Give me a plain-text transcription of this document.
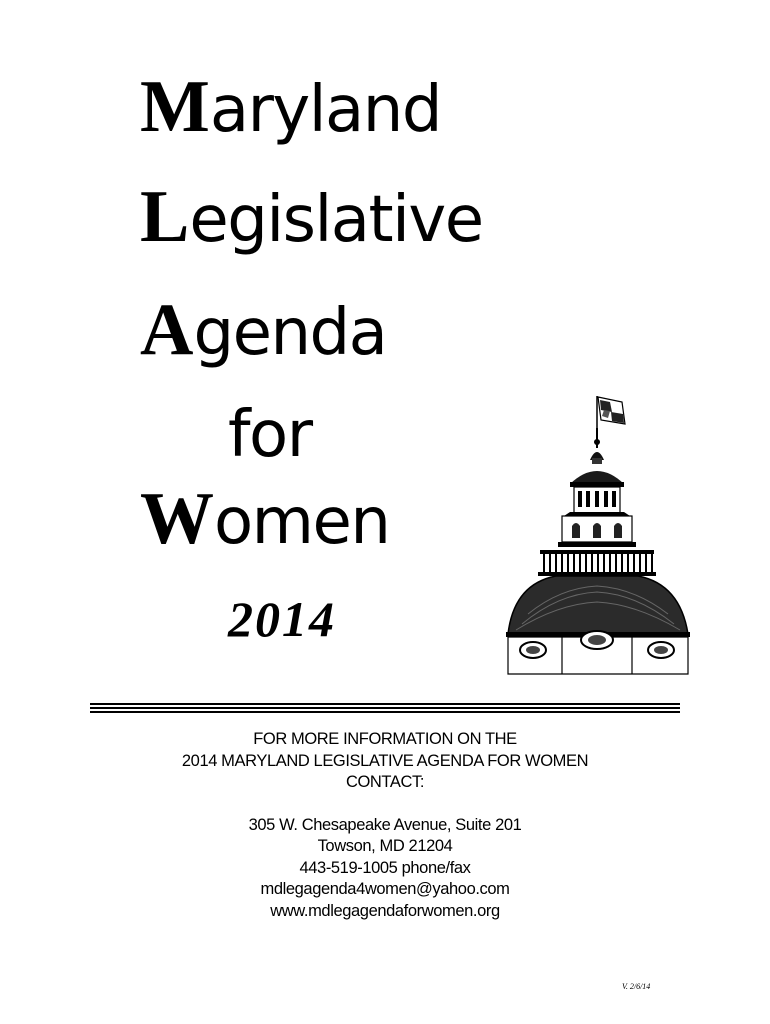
Maryland
Legislative
Agenda
for
Women
2014
FOR MORE INFORMATION ON THE
2014 MARYLAND LEGISLATIVE AGENDA FOR WOMEN
CONTACT:
305 W. Chesapeake Avenue, Suite 201
Towson, MD 21204
443-519-1005 phone/fax
mdlegagenda4women@yahoo.com
www.mdlegagendaforwomen.org
V. 2/6/14
